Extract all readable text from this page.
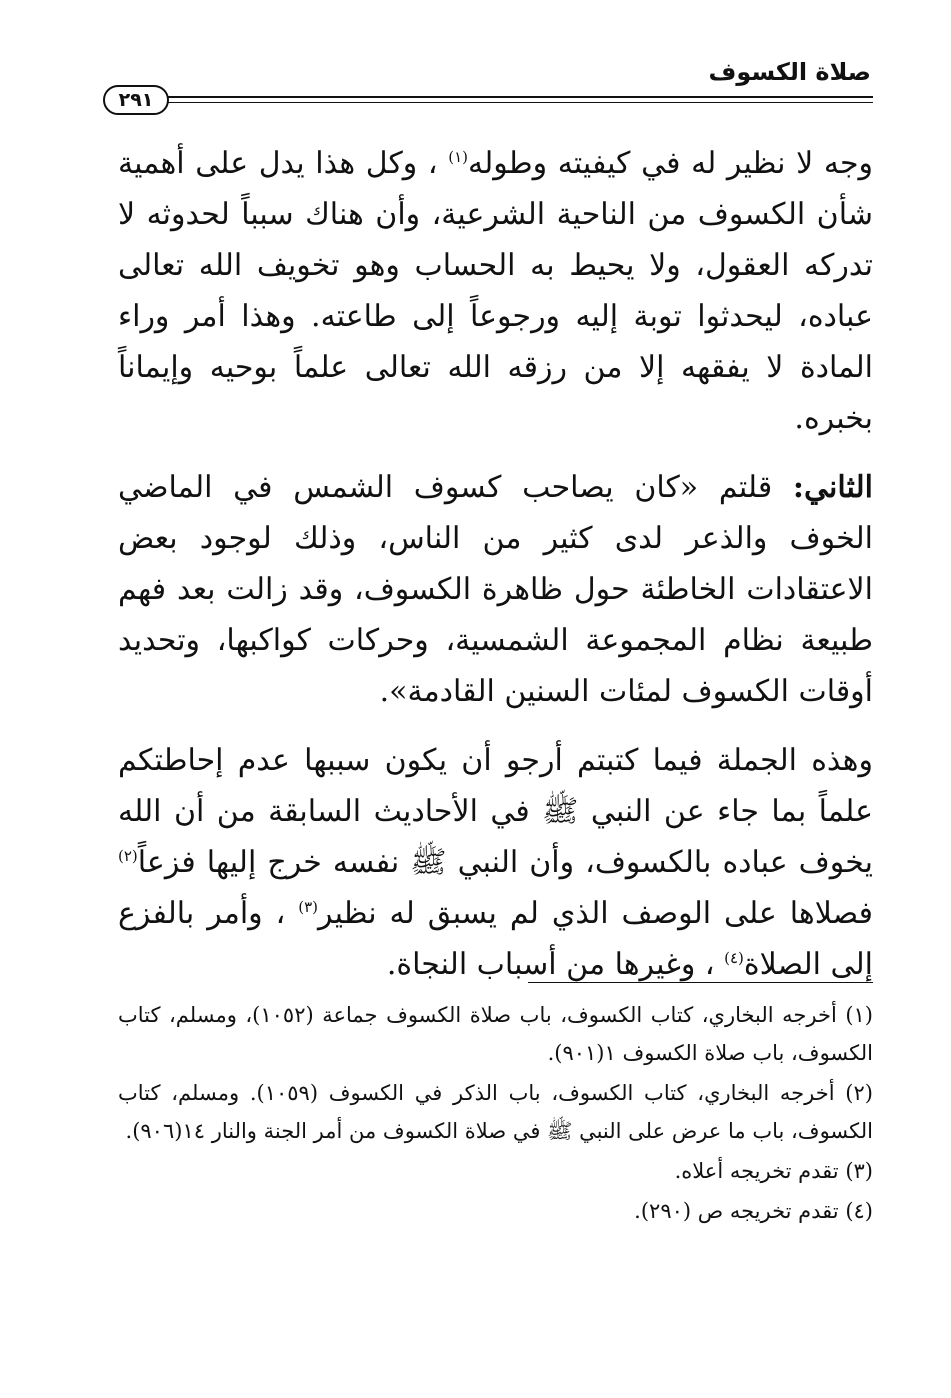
صلاة الكسوف
٢٩١

وجه لا نظير له في كيفيته وطوله$^{(١)}$ ، وكل هذا يدل على أهمية شأن الكسوف من الناحية الشرعية، وأن هناك سبباً لحدوثه لا تدركه العقول، ولا يحيط به الحساب وهو تخويف الله تعالى عباده، ليحدثوا توبة إليه ورجوعاً إلى طاعته. وهذا أمر وراء المادة لا يفقهه إلا من رزقه الله تعالى علماً بوحيه وإيماناً بخبره.

الثاني: قلتم «كان يصاحب كسوف الشمس في الماضي الخوف والذعر لدى كثير من الناس، وذلك لوجود بعض الاعتقادات الخاطئة حول ظاهرة الكسوف، وقد زالت بعد فهم طبيعة نظام المجموعة الشمسية، وحركات كواكبها، وتحديد أوقات الكسوف لمئات السنين القادمة».

وهذه الجملة فيما كتبتم أرجو أن يكون سببها عدم إحاطتكم علماً بما جاء عن النبي ﷺ في الأحاديث السابقة من أن الله يخوف عباده بالكسوف، وأن النبي ﷺ نفسه خرج إليها فزعاً$^{(٢)}$ فصلاها على الوصف الذي لم يسبق له نظير$^{(٣)}$ ، وأمر بالفزع إلى الصلاة$^{(٤)}$ ، وغيرها من أسباب النجاة.

(١) أخرجه البخاري، كتاب الكسوف، باب صلاة الكسوف جماعة (١٠٥٢)، ومسلم، كتاب الكسوف، باب صلاة الكسوف ١(٩٠١).

(٢) أخرجه البخاري، كتاب الكسوف، باب الذكر في الكسوف (١٠٥٩). ومسلم، كتاب الكسوف، باب ما عرض على النبي ﷺ في صلاة الكسوف من أمر الجنة والنار ١٤(٩٠٦).

(٣) تقدم تخريجه أعلاه.

(٤) تقدم تخريجه ص (٢٩٠).
